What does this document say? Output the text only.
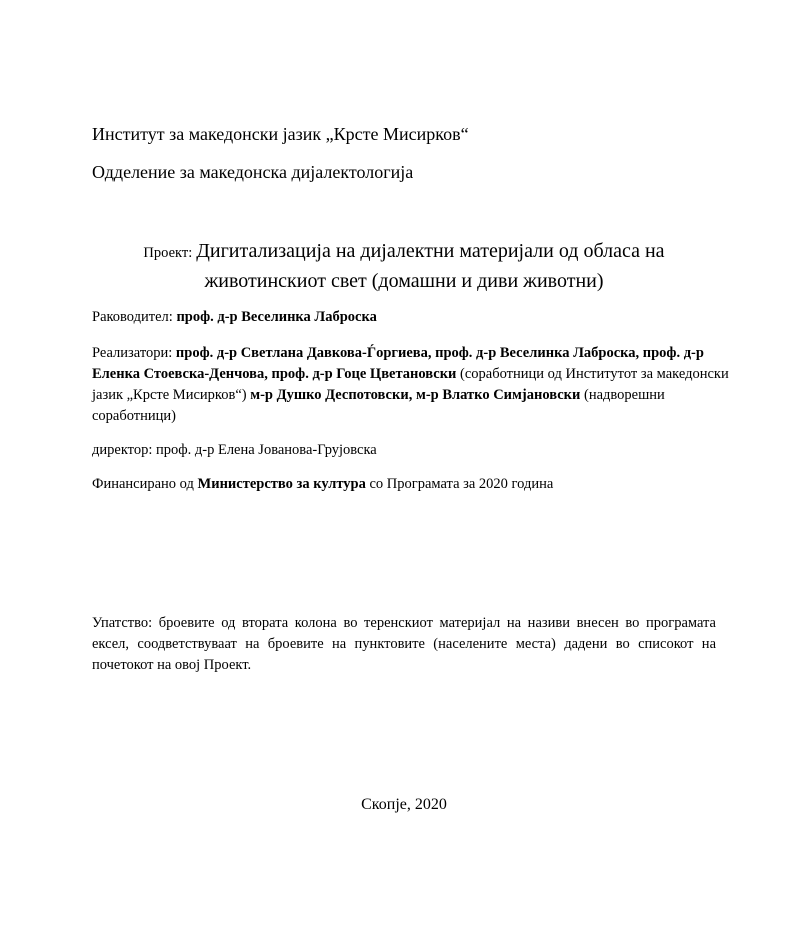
Институт за македонски јазик „Крсте Мисирков“
Одделение за македонска дијалектологија
Проект: Дигитализација на дијалектни материјали од обласа на
животинскиот свет (домашни и диви животни)
Раководител: проф. д-р Веселинка Лаброска
Реализатори: проф. д-р Светлана Давкова-Ѓоргиева, проф. д-р Веселинка Лаброска, проф. д-р Еленка Стоевска-Денчова, проф. д-р Гоце Цветановски (соработници од Институтот за македонски јазик „Крсте Мисирков“) м-р Душко Деспотовски, м-р Влатко Симјановски (надворешни соработници)
директор: проф. д-р Елена Јованова-Грујовска
Финансирано од Министерство за култура со Програмата за 2020 година
Упатство: броевите од втората колона во теренскиот материјал на називи внесен во програмата ексел, соодветствуваат на броевите на пунктовите (населените места) дадени во списокот на почетокот на овој Проект.
Скопје, 2020
